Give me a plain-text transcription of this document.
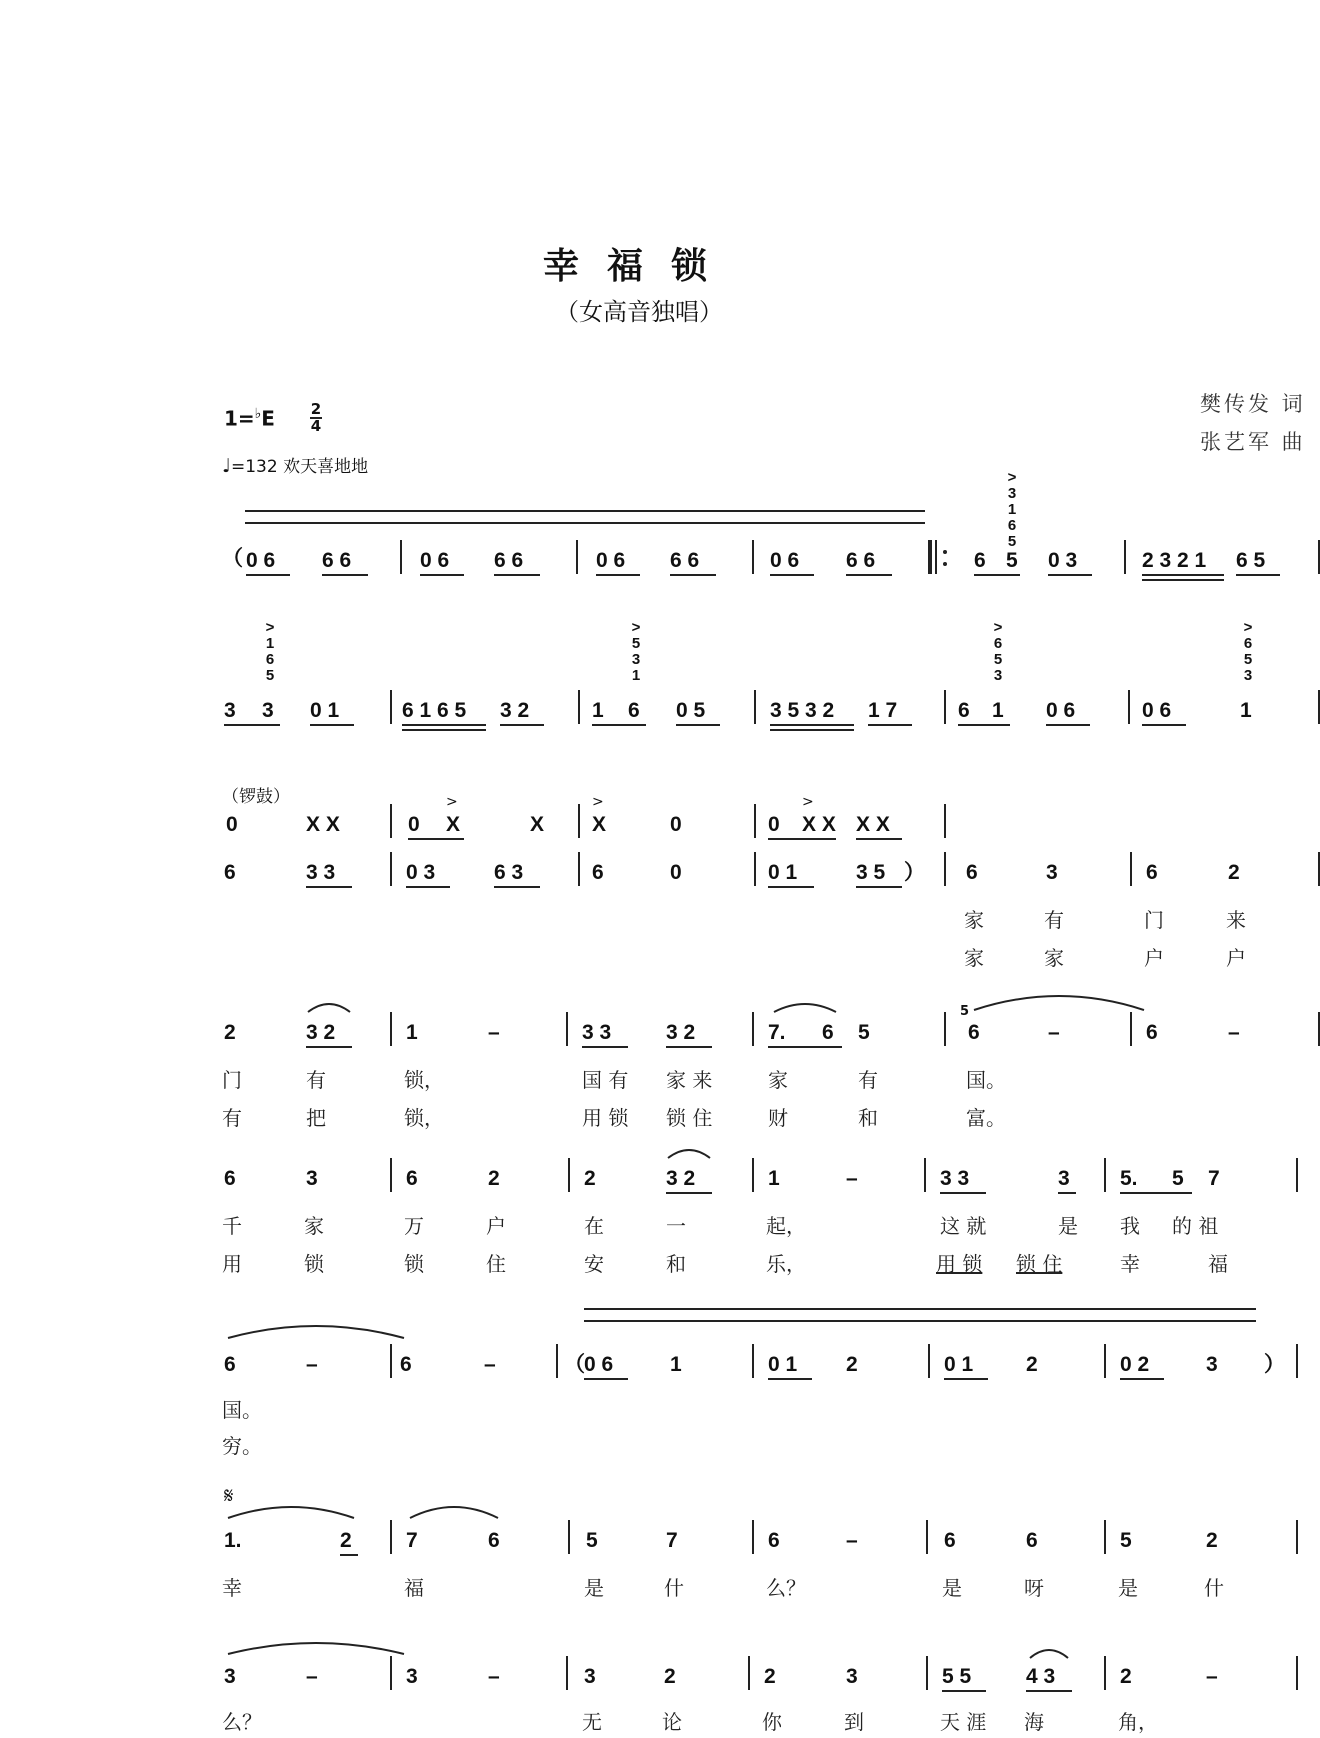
幸福锁
（女高音独唱）
樊传发 词
张艺军 曲
1=♭E 2
4
♩=132 欢天喜地地
（ 0 6 6 6	0 6 6 6	0 6 6 6	0 6 6 6
>
3
1
6
5
6 5 0 3	2 3 2 1 6 5
>
1
6
5
3 3 0 1	6 1 6 5 3 2
>
5
3
1
1 6 0 5	3 5 3 2 1 7
>
6
5
3
6 1 0 6	0 6
>
6
5
3
1
（锣鼓）
0	X X	0 X	X X	0	0 X X X X
>	>	>
6	3 3	0 3	6 3	6	0	0 1	3 5 ） 6	3	6	2
家	有	门	来
家	家	户	户
2	3 2	1	–	3 3	3 2	7. 6 5
5
6	–	6	–
门	有	锁，	国 有 家 来	家	有	国。
有	把	锁，	用 锁 锁 住	财	和	富。
6	3	6	2	2	3 2	1	–	3 3	3 5. 5 7
千	家	万	户	在	一	起，	这 就	是 我 的 祖
用	锁	锁	住	安	和	乐，	用 锁 锁 住	幸	福
6	–	6	–	（ 0 6	1	0 1 2	0 1	2	0 2	3 ）
国。
穷。
𝄋
1.	2	7	6	5	7	6	–	6	6	5	2
幸	福	是	什	么？	是	呀	是	什
3	–	3	–	3	2	2	3	5 5	4 3	2	–
么？	无	论	你	到	天 涯 海	角，
